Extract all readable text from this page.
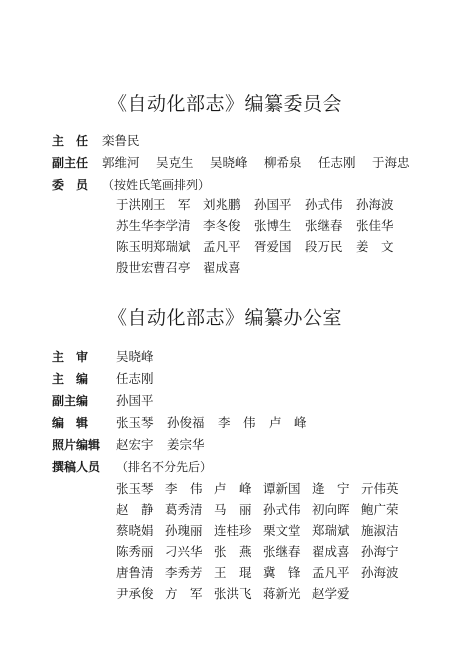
《自动化部志》编纂委员会
主　任 栾鲁民
副主任 郭维河 吴克生 吴晓峰 柳希泉 任志刚 于海忠
委　员 （按姓氏笔画排列）
于洪刚王　军 刘兆鹏 孙国平 孙式伟 孙海波
苏生华李学清 李冬俊 张博生 张继春 张佳华
陈玉明郑瑞斌 孟凡平 胥爱国 段万民 姜　文
殷世宏曹召亭 翟成喜
《自动化部志》编纂办公室
主　审 吴晓峰
主　编 任志刚
副主编 孙国平
编　辑 张玉琴 孙俊福 李　伟 卢　峰
照片编辑 赵宏宇 姜宗华
撰稿人员 （排名不分先后）
张玉琴 李　伟 卢　峰 谭新国 逄　宁 亓伟英
赵　静 葛秀清 马　丽 孙式伟 初向晖 鲍广荣
蔡晓娟 孙瑰丽 连桂珍 栗文堂 郑瑞斌 施淑洁
陈秀丽 刁兴华 张　燕 张继春 翟成喜 孙海宁
唐鲁清 李秀芳 王　琨 冀　锋 孟凡平 孙海波
尹承俊 方　军 张洪飞 蒋新光 赵学爱
